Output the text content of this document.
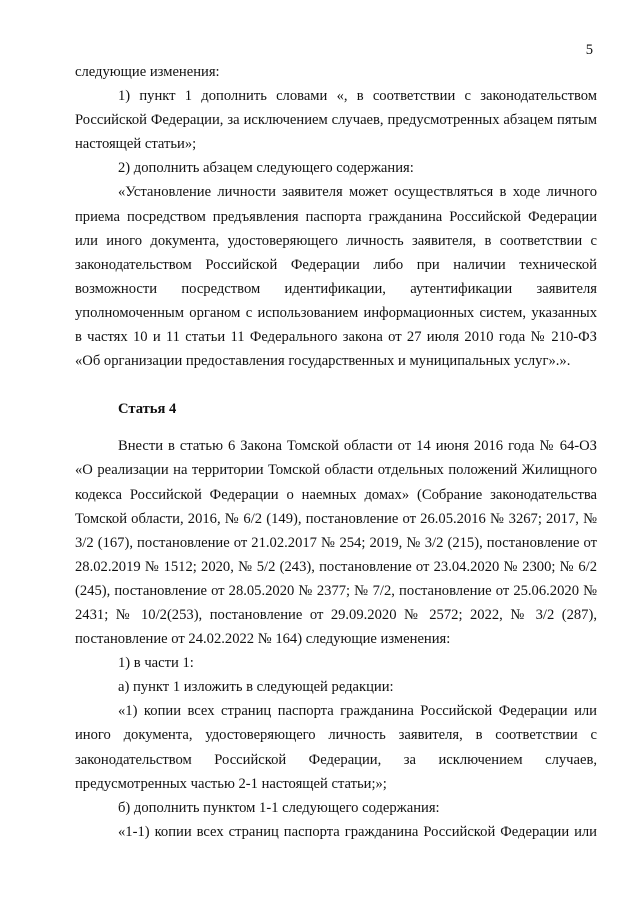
5

следующие изменения:

1) пункт 1 дополнить словами «, в соответствии с законодательством Российской Федерации, за исключением случаев, предусмотренных абзацем пятым настоящей статьи»;

2) дополнить абзацем следующего содержания:

«Установление личности заявителя может осуществляться в ходе личного приема посредством предъявления паспорта гражданина Российской Федерации или иного документа, удостоверяющего личность заявителя, в соответствии с законодательством Российской Федерации либо при наличии технической возможности посредством идентификации, аутентификации заявителя уполномоченным органом с использованием информационных систем, указанных в частях 10 и 11 статьи 11 Федерального закона от 27 июля 2010 года № 210-ФЗ «Об организации предоставления государственных и муниципальных услуг».».

Статья 4

Внести в статью 6 Закона Томской области от 14 июня 2016 года № 64-ОЗ «О реализации на территории Томской области отдельных положений Жилищного кодекса Российской Федерации о наемных домах» (Собрание законодательства Томской области, 2016, № 6/2 (149), постановление от 26.05.2016 № 3267; 2017, № 3/2 (167), постановление от 21.02.2017 № 254; 2019, № 3/2 (215), постановление от 28.02.2019 № 1512; 2020, № 5/2 (243), постановление от 23.04.2020 № 2300; № 6/2 (245), постановление от 28.05.2020 № 2377; № 7/2, постановление от 25.06.2020 № 2431; № 10/2(253), постановление от 29.09.2020 № 2572; 2022, № 3/2 (287), постановление от 24.02.2022 № 164) следующие изменения:

1) в части 1:

а) пункт 1 изложить в следующей редакции:

«1) копии всех страниц паспорта гражданина Российской Федерации или иного документа, удостоверяющего личность заявителя, в соответствии с законодательством Российской Федерации, за исключением случаев, предусмотренных частью 2-1 настоящей статьи;»;

б) дополнить пунктом 1-1 следующего содержания:

«1-1) копии всех страниц паспорта гражданина Российской Федерации или
